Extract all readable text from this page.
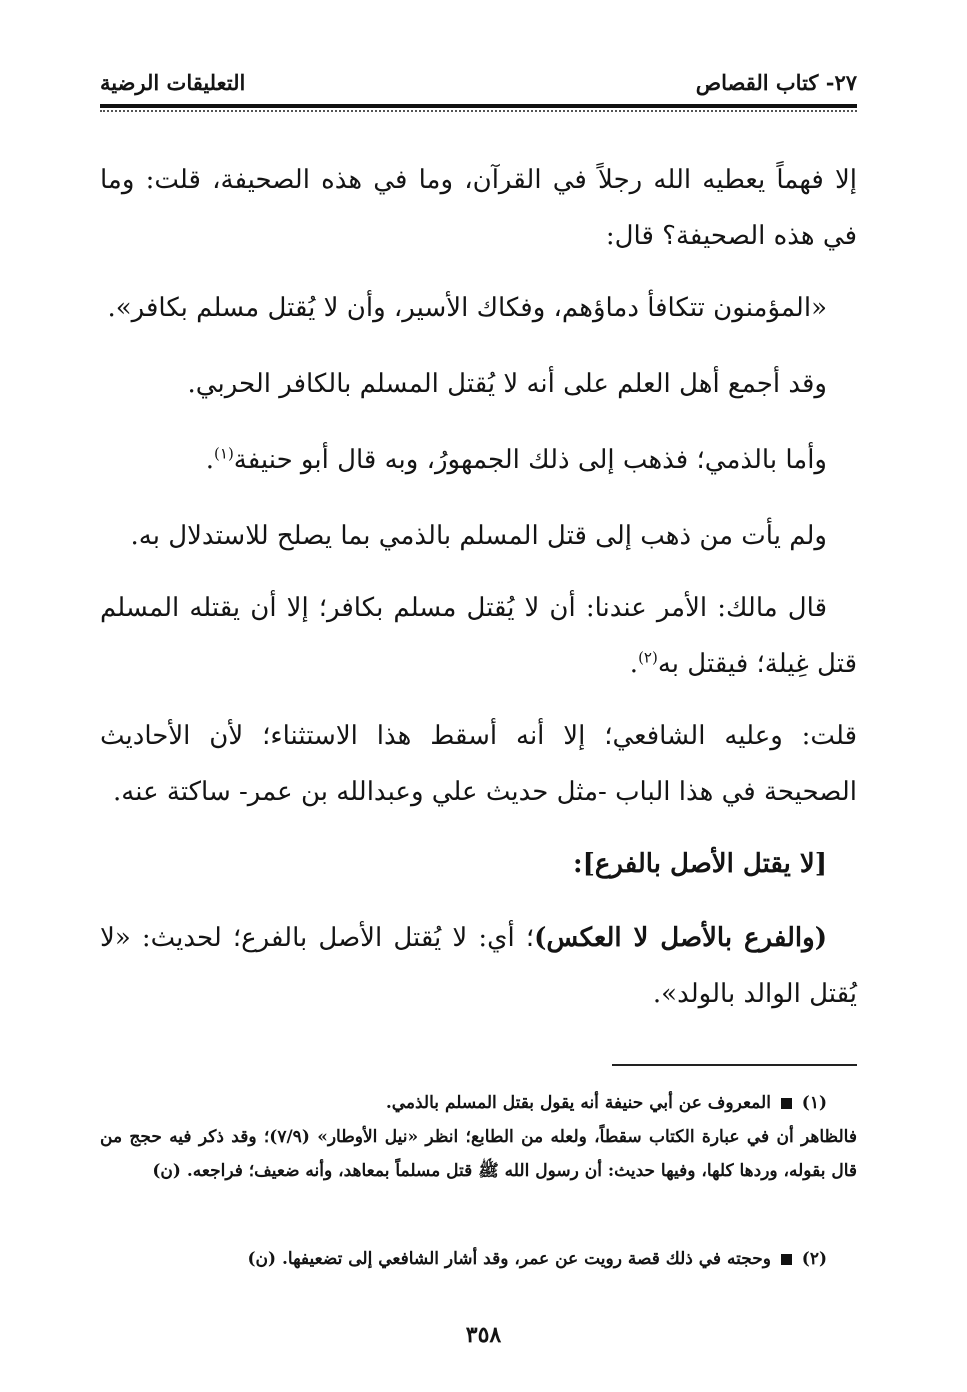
٢٧- كتاب القصاص
التعليقات الرضية
إلا فهماً يعطيه الله رجلاً في القرآن، وما في هذه الصحيفة، قلت: وما في هذه الصحيفة؟ قال:
«المؤمنون تتكافأ دماؤهم، وفكاك الأسير، وأن لا يُقتل مسلم بكافر».
وقد أجمع أهل العلم على أنه لا يُقتل المسلم بالكافر الحربي.
وأما بالذمي؛ فذهب إلى ذلك الجمهورُ، وبه قال أبو حنيفة$^{(١)}$.
ولم يأت من ذهب إلى قتل المسلم بالذمي بما يصلح للاستدلال به.
قال مالك: الأمر عندنا: أن لا يُقتل مسلم بكافر؛ إلا أن يقتله المسلم قتل غِيلة؛ فيقتل به$^{(٢)}$.
قلت: وعليه الشافعي؛ إلا أنه أسقط هذا الاستثناء؛ لأن الأحاديث الصحيحة في هذا الباب -مثل حديث علي وعبدالله بن عمر- ساكتة عنه.
[لا يقتل الأصل بالفرع]:
(والفرع بالأصل لا العكس)؛ أي: لا يُقتل الأصل بالفرع؛ لحديث: «لا يُقتل الوالد بالولد».
(١)  المعروف عن أبي حنيفة أنه يقول بقتل المسلم بالذمي.
فالظاهر أن في عبارة الكتاب سقطاً، ولعله من الطابع؛ انظر «نيل الأوطار» (٧/٩)؛ وقد ذكر فيه حجج من قال بقوله، وردها كلها، وفيها حديث: أن رسول الله ﷺ قتل مسلماً بمعاهد، وأنه ضعيف؛ فراجعه. (ن)
(٢)  وحجته في ذلك قصة رويت عن عمر، وقد أشار الشافعي إلى تضعيفها. (ن)
٣٥٨
